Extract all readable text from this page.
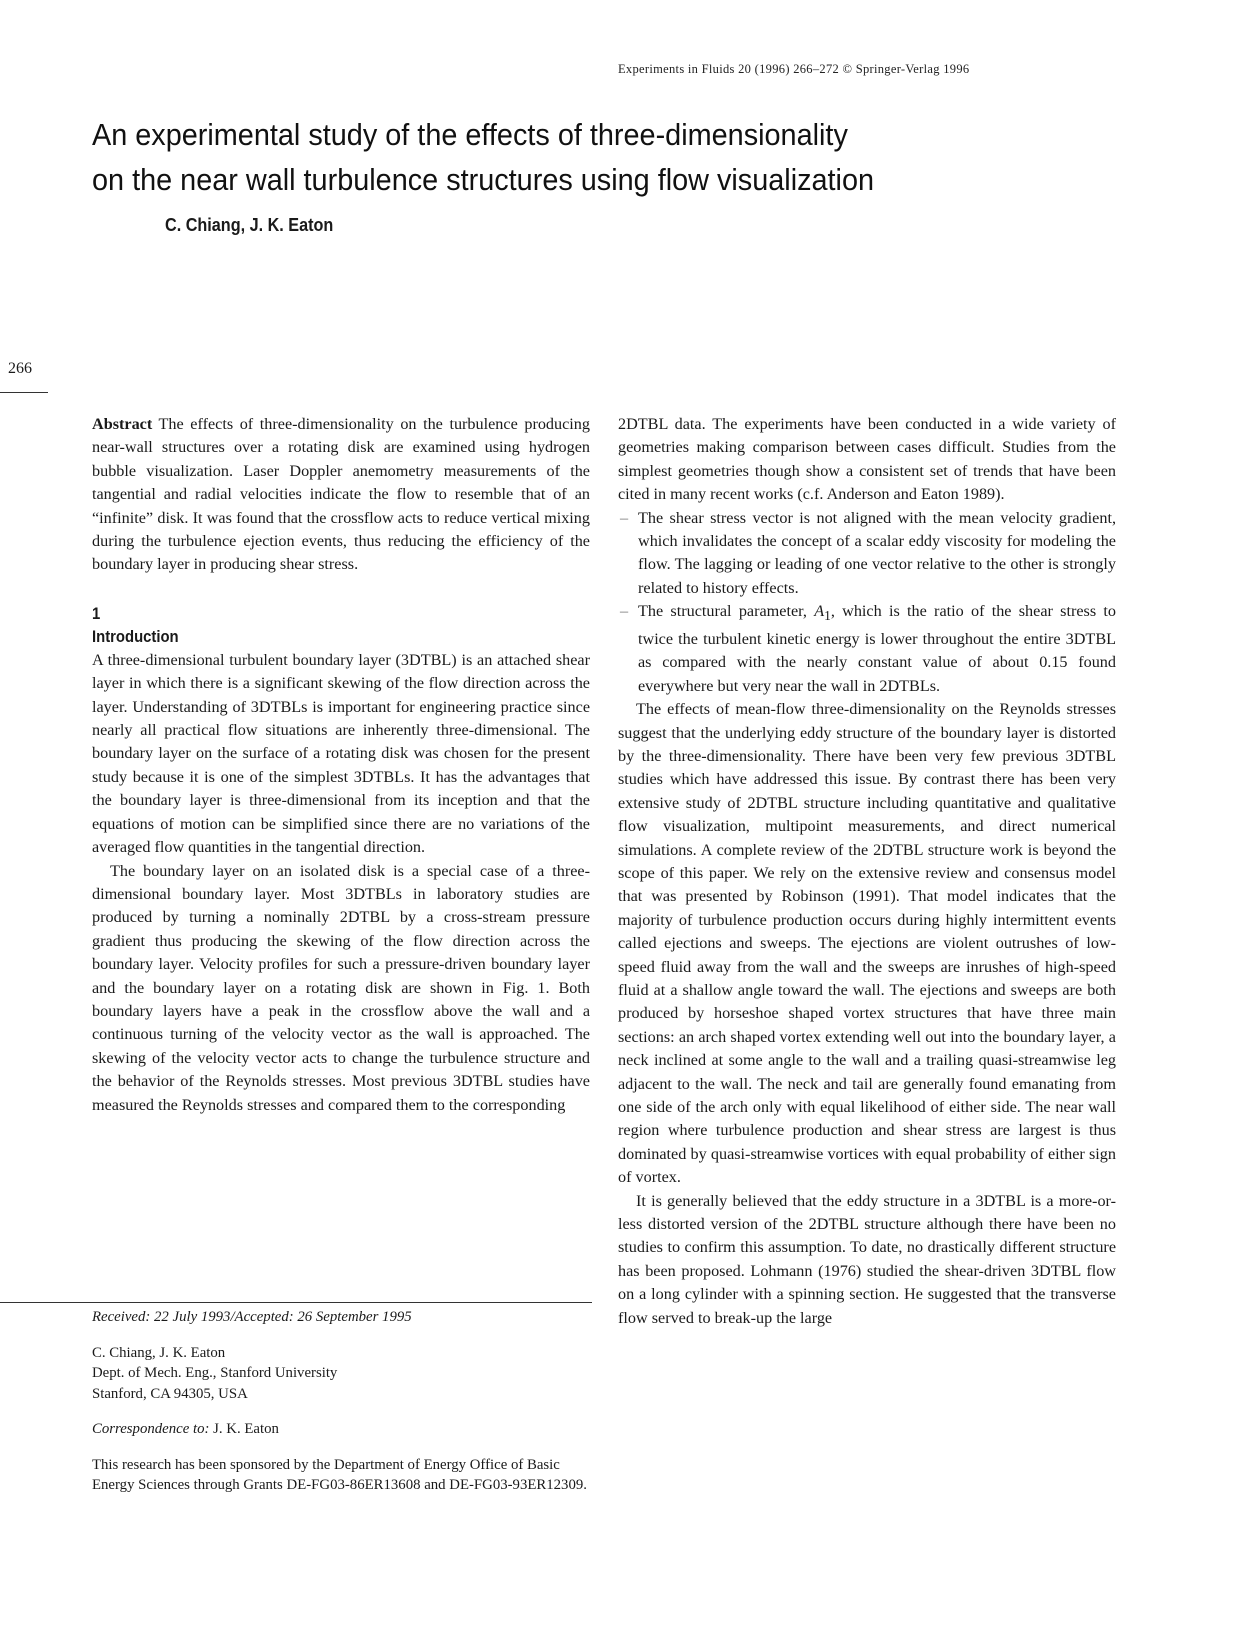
Experiments in Fluids 20 (1996) 266–272 © Springer-Verlag 1996
An experimental study of the effects of three-dimensionality
on the near wall turbulence structures using flow visualization
C. Chiang, J. K. Eaton
266

Abstract The effects of three-dimensionality on the turbulence producing near-wall structures over a rotating disk are examined using hydrogen bubble visualization. Laser Doppler anemometry measurements of the tangential and radial velocities indicate the flow to resemble that of an “infinite” disk. It was found that the crossflow acts to reduce vertical mixing during the turbulence ejection events, thus reducing the efficiency of the boundary layer in producing shear stress.

1
Introduction

A three-dimensional turbulent boundary layer (3DTBL) is an attached shear layer in which there is a significant skewing of the flow direction across the layer. Understanding of 3DTBLs is important for engineering practice since nearly all practical flow situations are inherently three-dimensional. The boundary layer on the surface of a rotating disk was chosen for the present study because it is one of the simplest 3DTBLs. It has the advantages that the boundary layer is three-dimensional from its inception and that the equations of motion can be simplified since there are no variations of the averaged flow quantities in the tangential direction.

The boundary layer on an isolated disk is a special case of a three-dimensional boundary layer. Most 3DTBLs in laboratory studies are produced by turning a nominally 2DTBL by a cross-stream pressure gradient thus producing the skewing of the flow direction across the boundary layer. Velocity profiles for such a pressure-driven boundary layer and the boundary layer on a rotating disk are shown in Fig. 1. Both boundary layers have a peak in the crossflow above the wall and a continuous turning of the velocity vector as the wall is approached. The skewing of the velocity vector acts to change the turbulence structure and the behavior of the Reynolds stresses. Most previous 3DTBL studies have measured the Reynolds stresses and compared them to the corresponding

2DTBL data. The experiments have been conducted in a wide variety of geometries making comparison between cases difficult. Studies from the simplest geometries though show a consistent set of trends that have been cited in many recent works (c.f. Anderson and Eaton 1989).

– The shear stress vector is not aligned with the mean velocity gradient, which invalidates the concept of a scalar eddy viscosity for modeling the flow. The lagging or leading of one vector relative to the other is strongly related to history effects.
– The structural parameter, $A_1$, which is the ratio of the shear stress to twice the turbulent kinetic energy is lower throughout the entire 3DTBL as compared with the nearly constant value of about 0.15 found everywhere but very near the wall in 2DTBLs.

The effects of mean-flow three-dimensionality on the Reynolds stresses suggest that the underlying eddy structure of the boundary layer is distorted by the three-dimensionality. There have been very few previous 3DTBL studies which have addressed this issue. By contrast there has been very extensive study of 2DTBL structure including quantitative and qualitative flow visualization, multipoint measurements, and direct numerical simulations. A complete review of the 2DTBL structure work is beyond the scope of this paper. We rely on the extensive review and consensus model that was presented by Robinson (1991). That model indicates that the majority of turbulence production occurs during highly intermittent events called ejections and sweeps. The ejections are violent outrushes of low-speed fluid away from the wall and the sweeps are inrushes of high-speed fluid at a shallow angle toward the wall. The ejections and sweeps are both produced by horseshoe shaped vortex structures that have three main sections: an arch shaped vortex extending well out into the boundary layer, a neck inclined at some angle to the wall and a trailing quasi-streamwise leg adjacent to the wall. The neck and tail are generally found emanating from one side of the arch only with equal likelihood of either side. The near wall region where turbulence production and shear stress are largest is thus dominated by quasi-streamwise vortices with equal probability of either sign of vortex.

It is generally believed that the eddy structure in a 3DTBL is a more-or-less distorted version of the 2DTBL structure although there have been no studies to confirm this assumption. To date, no drastically different structure has been proposed. Lohmann (1976) studied the shear-driven 3DTBL flow on a long cylinder with a spinning section. He suggested that the transverse flow served to break-up the large

Received: 22 July 1993/Accepted: 26 September 1995
C. Chiang, J. K. Eaton
Dept. of Mech. Eng., Stanford University
Stanford, CA 94305, USA
Correspondence to: J. K. Eaton
This research has been sponsored by the Department of Energy Office of Basic Energy Sciences through Grants DE-FG03-86ER13608 and DE-FG03-93ER12309.
